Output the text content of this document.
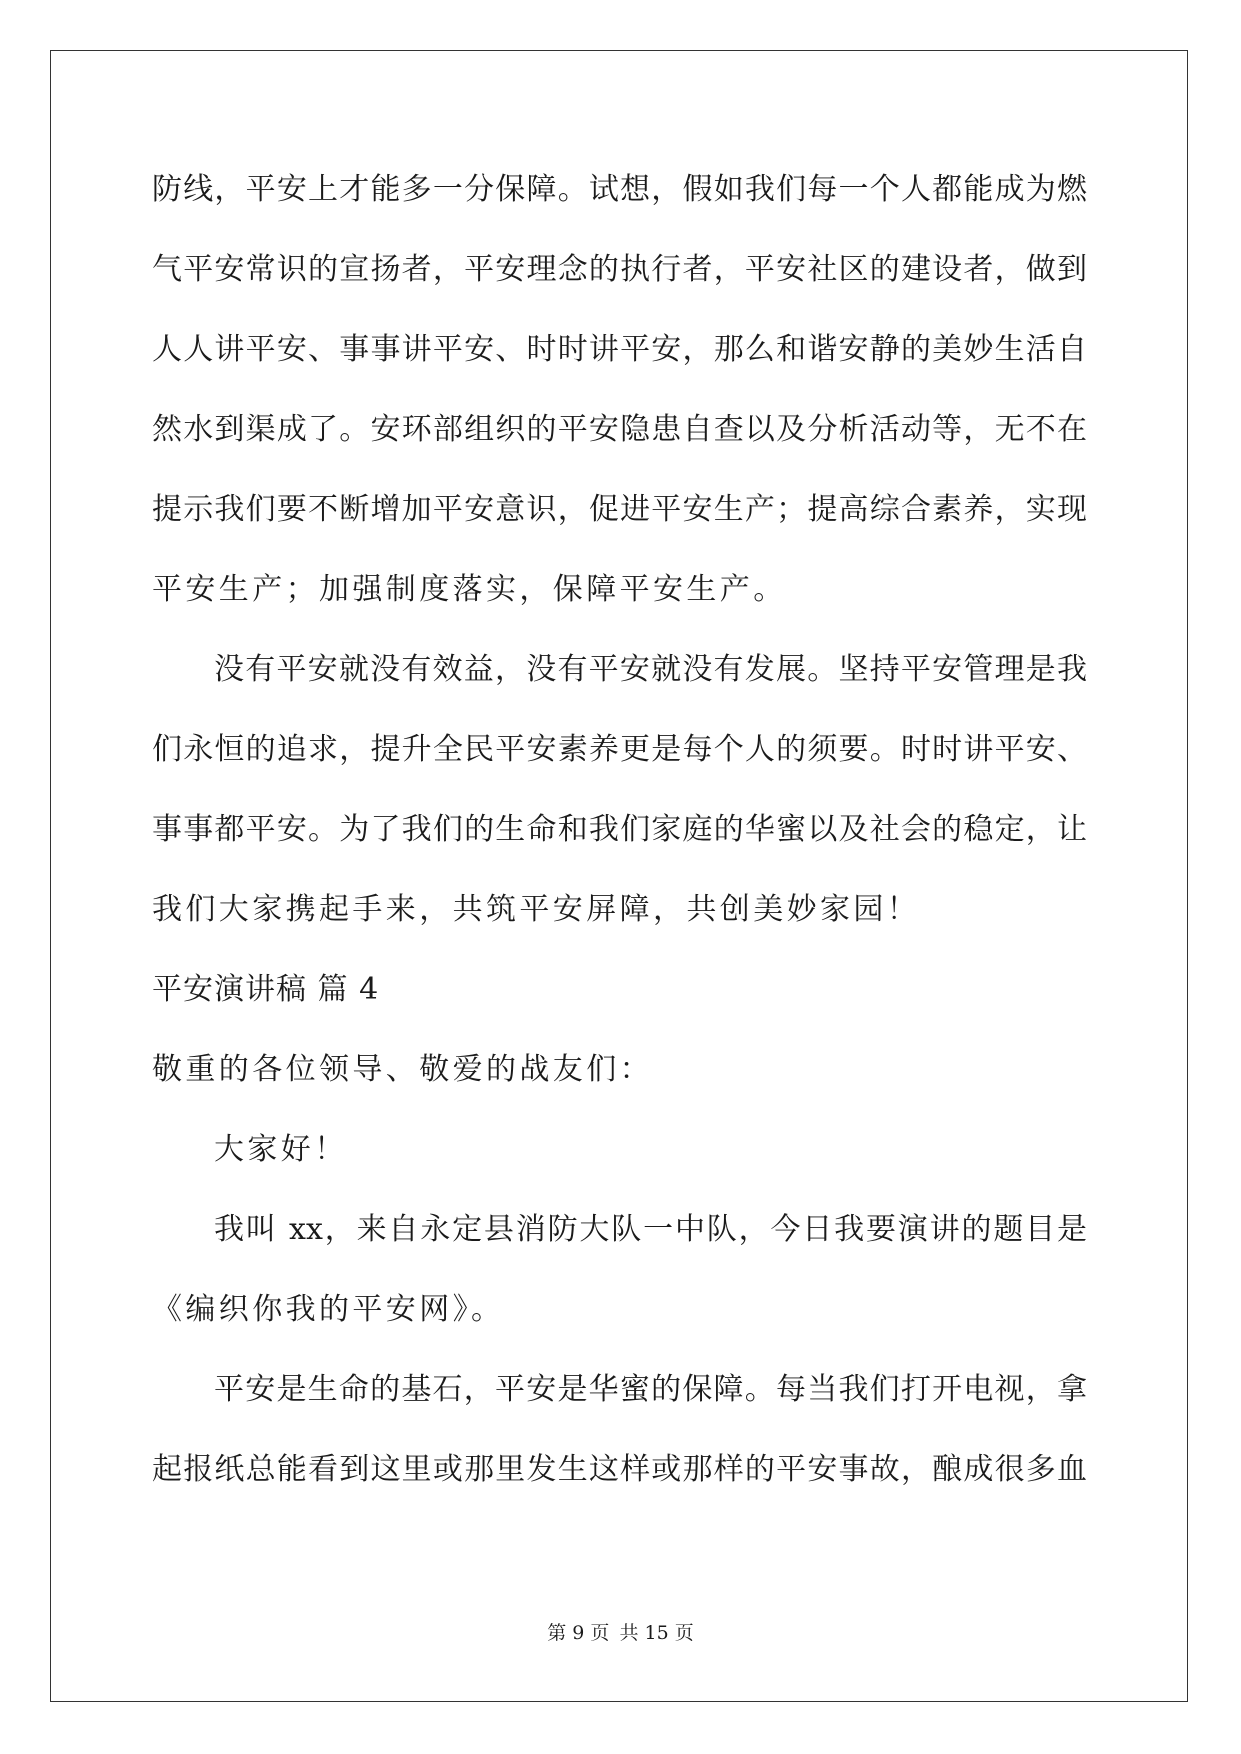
防线，平安上才能多一分保障。试想，假如我们每一个人都能成为燃
气平安常识的宣扬者，平安理念的执行者，平安社区的建设者，做到
人人讲平安、事事讲平安、时时讲平安，那么和谐安静的美妙生活自
然水到渠成了。安环部组织的平安隐患自查以及分析活动等，无不在
提示我们要不断增加平安意识，促进平安生产；提高综合素养，实现
平安生产；加强制度落实，保障平安生产。
没有平安就没有效益，没有平安就没有发展。坚持平安管理是我
们永恒的追求，提升全民平安素养更是每个人的须要。时时讲平安、
事事都平安。为了我们的生命和我们家庭的华蜜以及社会的稳定，让
我们大家携起手来，共筑平安屏障，共创美妙家园！
平安演讲稿 篇 4
敬重的各位领导、敬爱的战友们：
大家好！
我叫 xx，来自永定县消防大队一中队，今日我要演讲的题目是
《编织你我的平安网》。
平安是生命的基石，平安是华蜜的保障。每当我们打开电视，拿
起报纸总能看到这里或那里发生这样或那样的平安事故，酿成很多血
第 9 页 共 15 页
